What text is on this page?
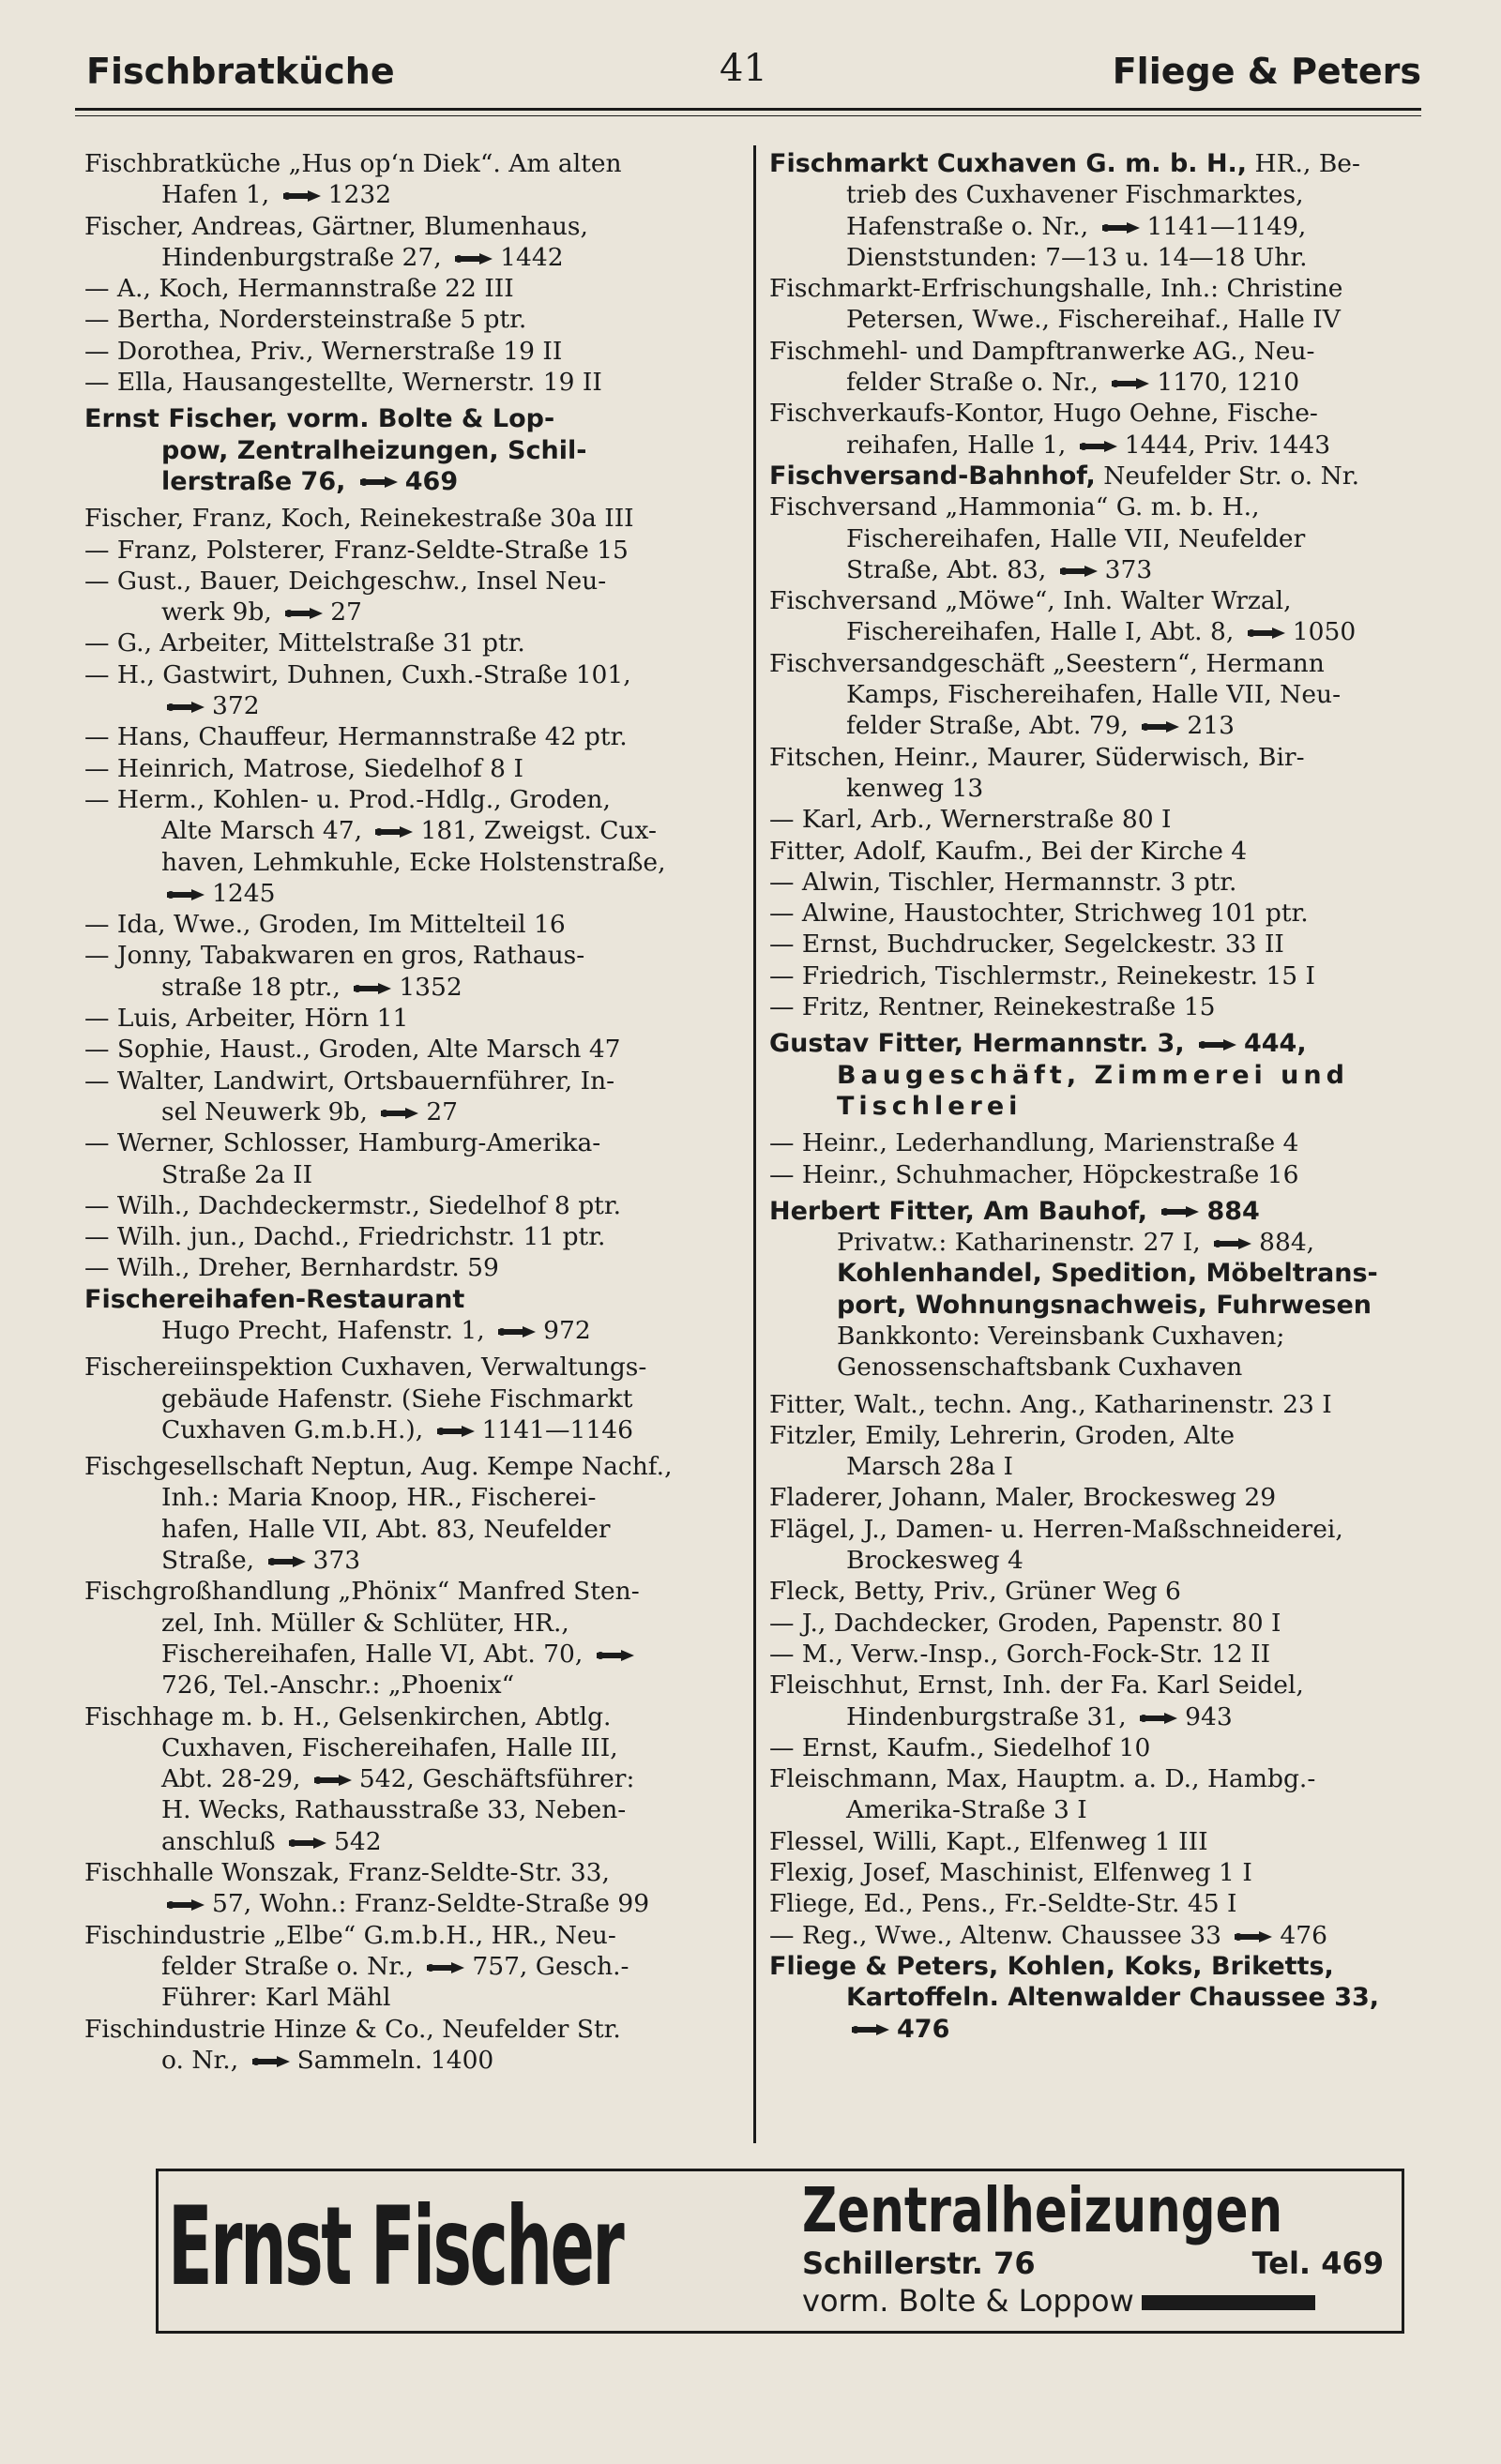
Fischbratküche	41	Fliege & Peters
Fischbratküche „Hus op‘n Diek“. Am alten
Hafen 1, 1232
Fischer, Andreas, Gärtner, Blumenhaus,
Hindenburgstraße 27, 1442
— A., Koch, Hermannstraße 22 III
— Bertha, Nordersteinstraße 5 ptr.
— Dorothea, Priv., Wernerstraße 19 II
— Ella, Hausangestellte, Wernerstr. 19 II
Ernst Fischer, vorm. Bolte & Lop-
pow, Zentralheizungen, Schil-
lerstraße 76, 469
Fischer, Franz, Koch, Reinekestraße 30a III
— Franz, Polsterer, Franz-Seldte-Straße 15
— Gust., Bauer, Deichgeschw., Insel Neu-
werk 9b, 27
— G., Arbeiter, Mittelstraße 31 ptr.
— H., Gastwirt, Duhnen, Cuxh.-Straße 101,
372
— Hans, Chauffeur, Hermannstraße 42 ptr.
— Heinrich, Matrose, Siedelhof 8 I
— Herm., Kohlen- u. Prod.-Hdlg., Groden,
Alte Marsch 47, 181, Zweigst. Cux-
haven, Lehmkuhle, Ecke Holstenstraße,
1245
— Ida, Wwe., Groden, Im Mittelteil 16
— Jonny, Tabakwaren en gros, Rathaus-
straße 18 ptr., 1352
— Luis, Arbeiter, Hörn 11
— Sophie, Haust., Groden, Alte Marsch 47
— Walter, Landwirt, Ortsbauernführer, In-
sel Neuwerk 9b, 27
— Werner, Schlosser, Hamburg-Amerika-
Straße 2a II
— Wilh., Dachdeckermstr., Siedelhof 8 ptr.
— Wilh. jun., Dachd., Friedrichstr. 11 ptr.
— Wilh., Dreher, Bernhardstr. 59
Fischereihafen-Restaurant
Hugo Precht, Hafenstr. 1, 972
Fischereiinspektion Cuxhaven, Verwaltungs-
gebäude Hafenstr. (Siehe Fischmarkt
Cuxhaven G.m.b.H.), 1141—1146
Fischgesellschaft Neptun, Aug. Kempe Nachf.,
Inh.: Maria Knoop, HR., Fischerei-
hafen, Halle VII, Abt. 83, Neufelder
Straße, 373
Fischgroßhandlung „Phönix“ Manfred Sten-
zel, Inh. Müller & Schlüter, HR.,
Fischereihafen, Halle VI, Abt. 70,
726, Tel.-Anschr.: „Phoenix“
Fischhage m. b. H., Gelsenkirchen, Abtlg.
Cuxhaven, Fischereihafen, Halle III,
Abt. 28-29, 542, Geschäftsführer:
H. Wecks, Rathausstraße 33, Neben-
anschluß 542
Fischhalle Wonszak, Franz-Seldte-Str. 33,
57, Wohn.: Franz-Seldte-Straße 99
Fischindustrie „Elbe“ G.m.b.H., HR., Neu-
felder Straße o. Nr., 757, Gesch.-
Führer: Karl Mähl
Fischindustrie Hinze & Co., Neufelder Str.
o. Nr., Sammeln. 1400
Fischmarkt Cuxhaven G. m. b. H., HR., Be-
trieb des Cuxhavener Fischmarktes,
Hafenstraße o. Nr., 1141—1149,
Dienststunden: 7—13 u. 14—18 Uhr.
Fischmarkt-Erfrischungshalle, Inh.: Christine
Petersen, Wwe., Fischereihaf., Halle IV
Fischmehl- und Dampftranwerke AG., Neu-
felder Straße o. Nr., 1170, 1210
Fischverkaufs-Kontor, Hugo Oehne, Fische-
reihafen, Halle 1, 1444, Priv. 1443
Fischversand-Bahnhof, Neufelder Str. o. Nr.
Fischversand „Hammonia“ G. m. b. H.,
Fischereihafen, Halle VII, Neufelder
Straße, Abt. 83, 373
Fischversand „Möwe“, Inh. Walter Wrzal,
Fischereihafen, Halle I, Abt. 8, 1050
Fischversandgeschäft „Seestern“, Hermann
Kamps, Fischereihafen, Halle VII, Neu-
felder Straße, Abt. 79, 213
Fitschen, Heinr., Maurer, Süderwisch, Bir-
kenweg 13
— Karl, Arb., Wernerstraße 80 I
Fitter, Adolf, Kaufm., Bei der Kirche 4
— Alwin, Tischler, Hermannstr. 3 ptr.
— Alwine, Haustochter, Strichweg 101 ptr.
— Ernst, Buchdrucker, Segelckestr. 33 II
— Friedrich, Tischlermstr., Reinekestr. 15 I
— Fritz, Rentner, Reinekestraße 15
Gustav Fitter, Hermannstr. 3, 444,
Baugeschäft, Zimmerei und
Tischlerei
— Heinr., Lederhandlung, Marienstraße 4
— Heinr., Schuhmacher, Höpckestraße 16
Herbert Fitter, Am Bauhof, 884
Privatw.: Katharinenstr. 27 I, 884,
Kohlenhandel, Spedition, Möbeltrans-
port, Wohnungsnachweis, Fuhrwesen
Bankkonto: Vereinsbank Cuxhaven;
Genossenschaftsbank Cuxhaven
Fitter, Walt., techn. Ang., Katharinenstr. 23 I
Fitzler, Emily, Lehrerin, Groden, Alte
Marsch 28a I
Fladerer, Johann, Maler, Brockesweg 29
Flägel, J., Damen- u. Herren-Maßschneiderei,
Brockesweg 4
Fleck, Betty, Priv., Grüner Weg 6
— J., Dachdecker, Groden, Papenstr. 80 I
— M., Verw.-Insp., Gorch-Fock-Str. 12 II
Fleischhut, Ernst, Inh. der Fa. Karl Seidel,
Hindenburgstraße 31, 943
— Ernst, Kaufm., Siedelhof 10
Fleischmann, Max, Hauptm. a. D., Hambg.-
Amerika-Straße 3 I
Flessel, Willi, Kapt., Elfenweg 1 III
Flexig, Josef, Maschinist, Elfenweg 1 I
Fliege, Ed., Pens., Fr.-Seldte-Str. 45 I
— Reg., Wwe., Altenw. Chaussee 33 476
Fliege & Peters, Kohlen, Koks, Briketts,
Kartoffeln. Altenwalder Chaussee 33,
476
Ernst Fischer	Zentralheizungen
Schillerstr. 76	Tel. 469
vorm. Bolte & Loppow
